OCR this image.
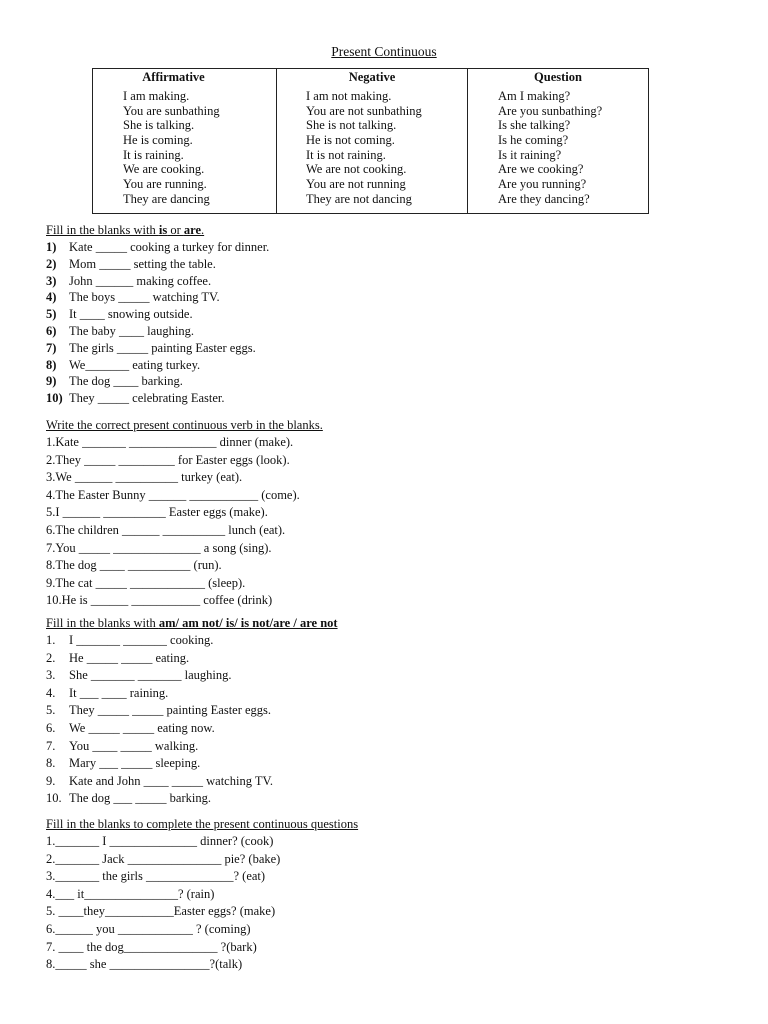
Present Continuous
Affirmative
I am making.
You are sunbathing
She is talking.
He is coming.
It is raining.
We are cooking.
You are running.
They are dancing
Negative
I am not making.
You are not sunbathing
She is not talking.
He is not coming.
It is not raining.
We are not cooking.
You are not running
They are not dancing
Question
Am I making?
Are you sunbathing?
Is she talking?
Is he coming?
Is it raining?
Are we cooking?
Are you running?
Are they dancing?
Fill in the blanks with is or are.
1) Kate _____ cooking a turkey for dinner.
2) Mom _____ setting the table.
3) John ______ making coffee.
4) The boys _____ watching TV.
5) It ____ snowing outside.
6) The baby ____ laughing.
7) The girls _____ painting Easter eggs.
8) We_______ eating turkey.
9) The dog ____ barking.
10) They _____ celebrating Easter.
Write the correct present continuous verb in the blanks.
1.Kate _______ ______________ dinner (make).
2.They _____ _________ for Easter eggs (look).
3.We ______ __________ turkey (eat).
4.The Easter Bunny ______ ___________ (come).
5.I ______ __________ Easter eggs (make).
6.The children ______ __________ lunch (eat).
7.You _____ ______________ a song (sing).
8.The dog ____ __________ (run).
9.The cat _____ ____________ (sleep).
10.He is ______ ___________ coffee (drink)
Fill in the blanks with am/ am not/ is/ is not/are / are not
1. I _______ _______ cooking.
2. He _____ _____ eating.
3. She _______ _______ laughing.
4. It ___ ____ raining.
5. They _____ _____ painting Easter eggs.
6. We _____ _____ eating now.
7. You ____ _____ walking.
8. Mary ___ _____ sleeping.
9. Kate and John ____ _____ watching TV.
10. The dog ___ _____ barking.
Fill in the blanks to complete the present continuous questions
1._______ I ______________ dinner? (cook)
2._______ Jack _______________ pie? (bake)
3._______ the girls ______________? (eat)
4.___ it_______________? (rain)
5. ____they___________Easter eggs? (make)
6.______ you ____________ ? (coming)
7. ____ the dog_______________ ?(bark)
8._____ she ________________?(talk)
